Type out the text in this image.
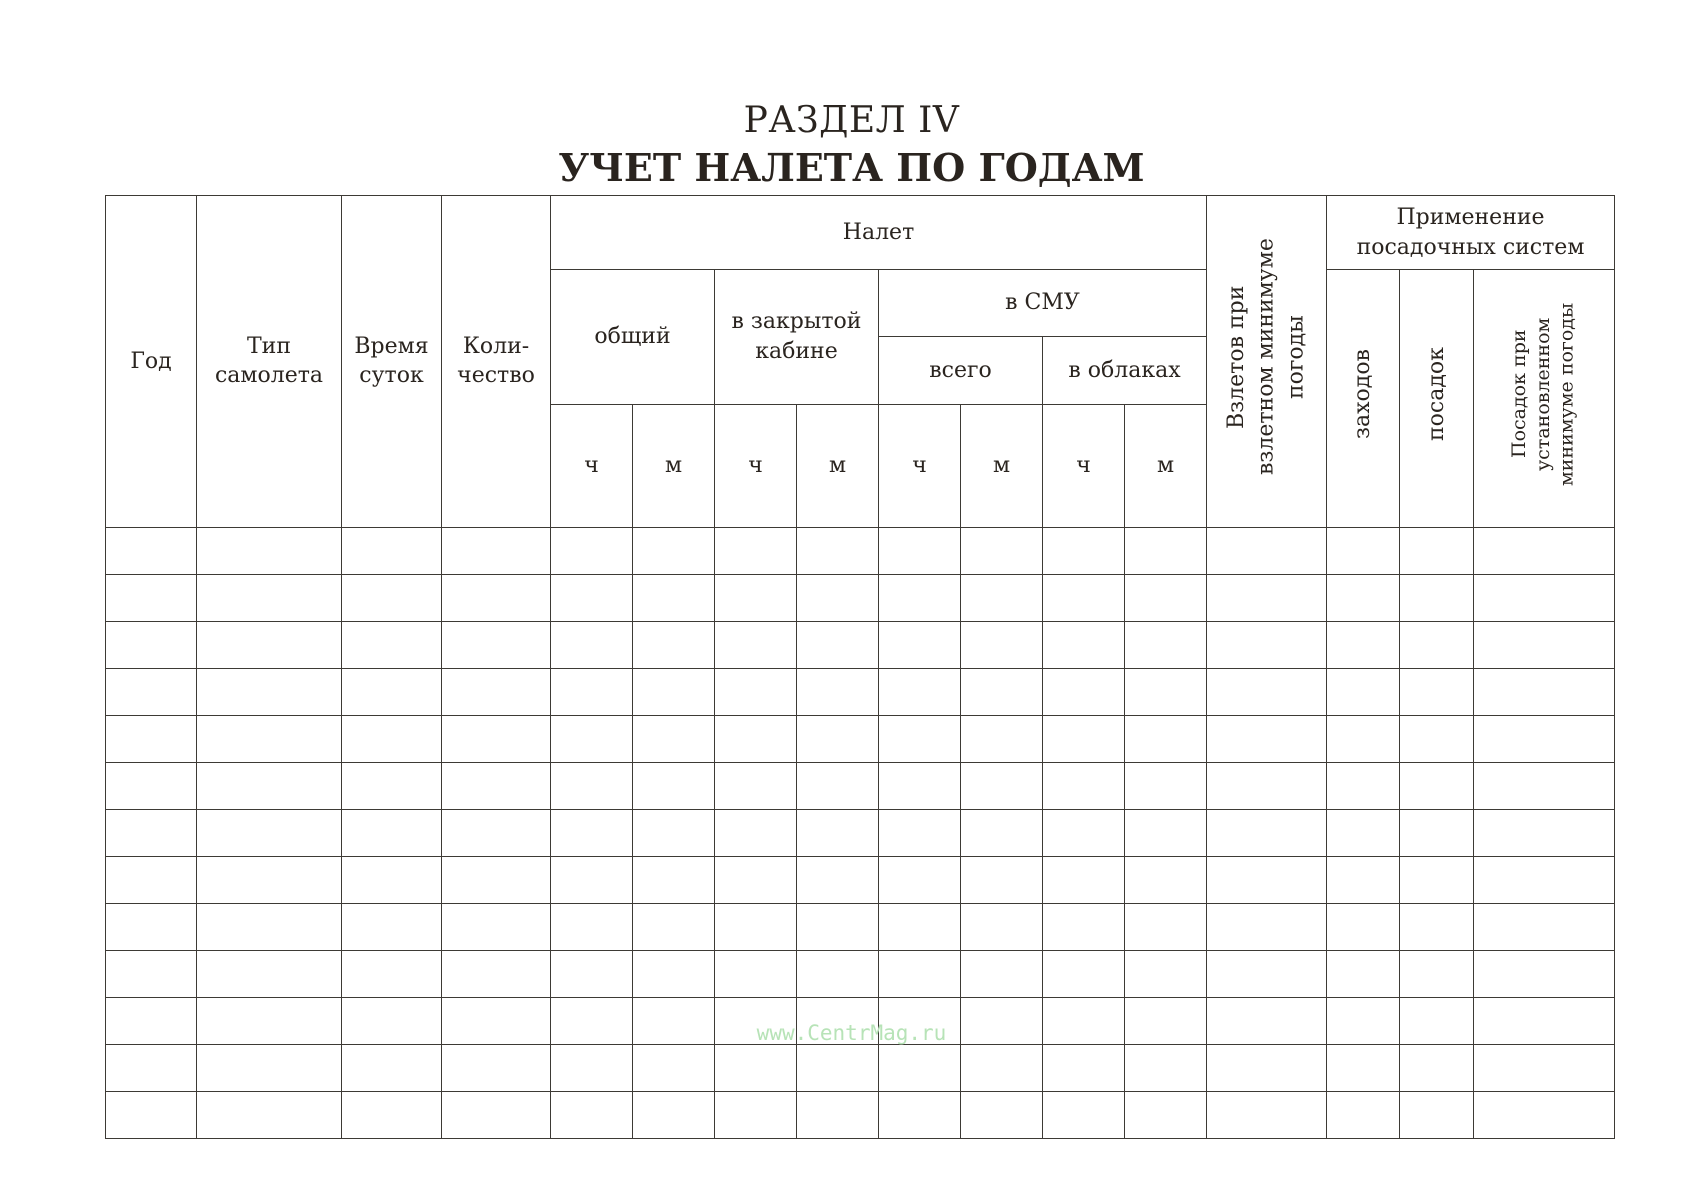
РАЗДЕЛ IV
УЧЕТ НАЛЕТА ПО ГОДАМ
Год	Тип самолета	Время суток	Коли-чество	Налет								Взлетов при взлетном минимуме погоды	Применение посадочных систем		
				общий		в закрытой кабине		в СМУ					заходов	посадок	Посадок при установленном минимуме погоды
								всего		в облаках					
				ч	м	ч	м	ч	м	ч	м				

www.CentrMag.ru
